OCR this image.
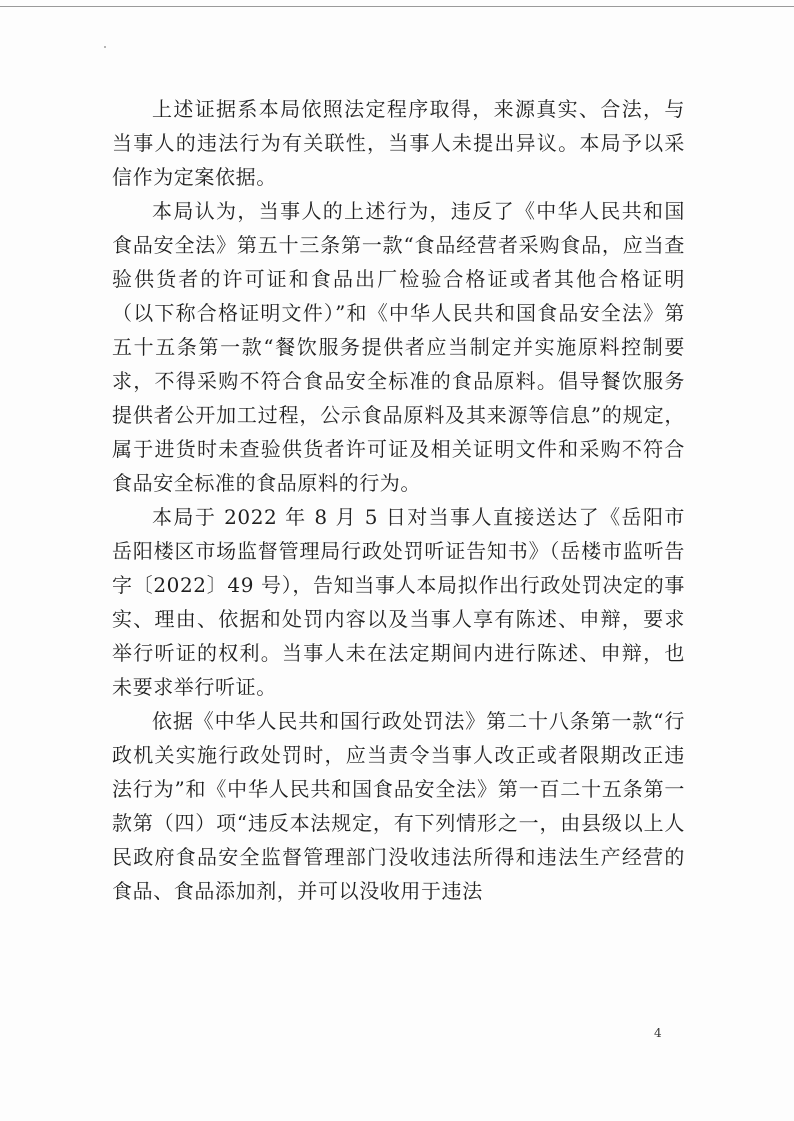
上述证据系本局依照法定程序取得，来源真实、合法，与当事人的违法行为有关联性，当事人未提出异议。本局予以采信作为定案依据。

本局认为，当事人的上述行为，违反了《中华人民共和国食品安全法》第五十三条第一款“食品经营者采购食品，应当查验供货者的许可证和食品出厂检验合格证或者其他合格证明（以下称合格证明文件）”和《中华人民共和国食品安全法》第五十五条第一款“餐饮服务提供者应当制定并实施原料控制要求，不得采购不符合食品安全标准的食品原料。倡导餐饮服务提供者公开加工过程，公示食品原料及其来源等信息”的规定，属于进货时未查验供货者许可证及相关证明文件和采购不符合食品安全标准的食品原料的行为。

本局于 2022 年 8 月 5 日对当事人直接送达了《岳阳市岳阳楼区市场监督管理局行政处罚听证告知书》（岳楼市监听告字〔2022〕49 号），告知当事人本局拟作出行政处罚决定的事实、理由、依据和处罚内容以及当事人享有陈述、申辩，要求举行听证的权利。当事人未在法定期间内进行陈述、申辩，也未要求举行听证。

依据《中华人民共和国行政处罚法》第二十八条第一款“行政机关实施行政处罚时，应当责令当事人改正或者限期改正违法行为”和《中华人民共和国食品安全法》第一百二十五条第一款第（四）项“违反本法规定，有下列情形之一，由县级以上人民政府食品安全监督管理部门没收违法所得和违法生产经营的食品、食品添加剂，并可以没收用于违法

4
